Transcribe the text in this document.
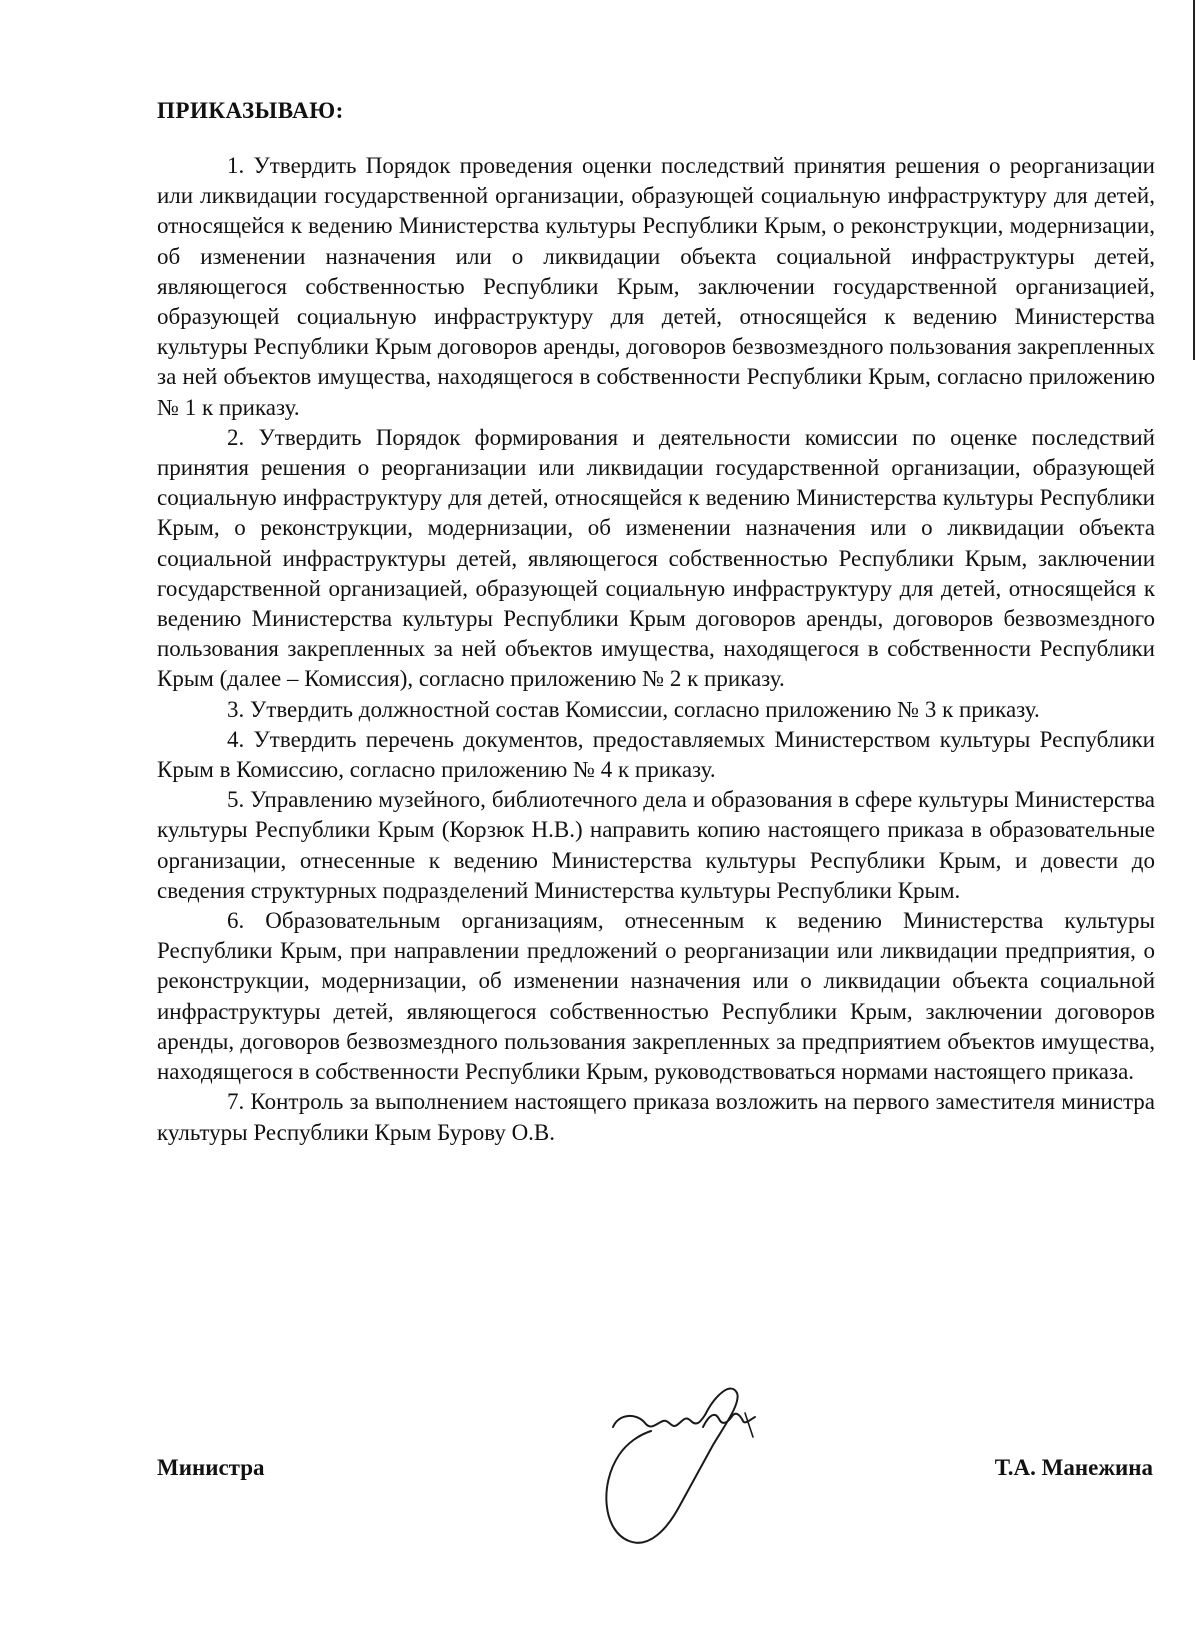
ПРИКАЗЫВАЮ:

1. Утвердить Порядок проведения оценки последствий принятия решения о реорганизации или ликвидации государственной организации, образующей социальную инфраструктуру для детей, относящейся к ведению Министерства культуры Республики Крым, о реконструкции, модернизации, об изменении назначения или о ликвидации объекта социальной инфраструктуры детей, являющегося собственностью Республики Крым, заключении государственной организацией, образующей социальную инфраструктуру для детей, относящейся к ведению Министерства культуры Республики Крым договоров аренды, договоров безвозмездного пользования закрепленных за ней объектов имущества, находящегося в собственности Республики Крым, согласно приложению № 1 к приказу.

2. Утвердить Порядок формирования и деятельности комиссии по оценке последствий принятия решения о реорганизации или ликвидации государственной организации, образующей социальную инфраструктуру для детей, относящейся к ведению Министерства культуры Республики Крым, о реконструкции, модернизации, об изменении назначения или о ликвидации объекта социальной инфраструктуры детей, являющегося собственностью Республики Крым, заключении государственной организацией, образующей социальную инфраструктуру для детей, относящейся к ведению Министерства культуры Республики Крым договоров аренды, договоров безвозмездного пользования закрепленных за ней объектов имущества, находящегося в собственности Республики Крым (далее – Комиссия), согласно приложению № 2 к приказу.

3. Утвердить должностной состав Комиссии, согласно приложению № 3 к приказу.

4. Утвердить перечень документов, предоставляемых Министерством культуры Республики Крым в Комиссию, согласно приложению № 4 к приказу.

5. Управлению музейного, библиотечного дела и образования в сфере культуры Министерства культуры Республики Крым (Корзюк Н.В.) направить копию настоящего приказа в образовательные организации, отнесенные к ведению Министерства культуры Республики Крым, и довести до сведения структурных подразделений Министерства культуры Республики Крым.

6. Образовательным организациям, отнесенным к ведению Министерства культуры Республики Крым, при направлении предложений о реорганизации или ликвидации предприятия, о реконструкции, модернизации, об изменении назначения или о ликвидации объекта социальной инфраструктуры детей, являющегося собственностью Республики Крым, заключении договоров аренды, договоров безвозмездного пользования закрепленных за предприятием объектов имущества, находящегося в собственности Республики Крым, руководствоваться нормами настоящего приказа.

7. Контроль за выполнением настоящего приказа возложить на первого заместителя министра культуры Республики Крым Бурову О.В.

Министра	Т.А. Манежина
